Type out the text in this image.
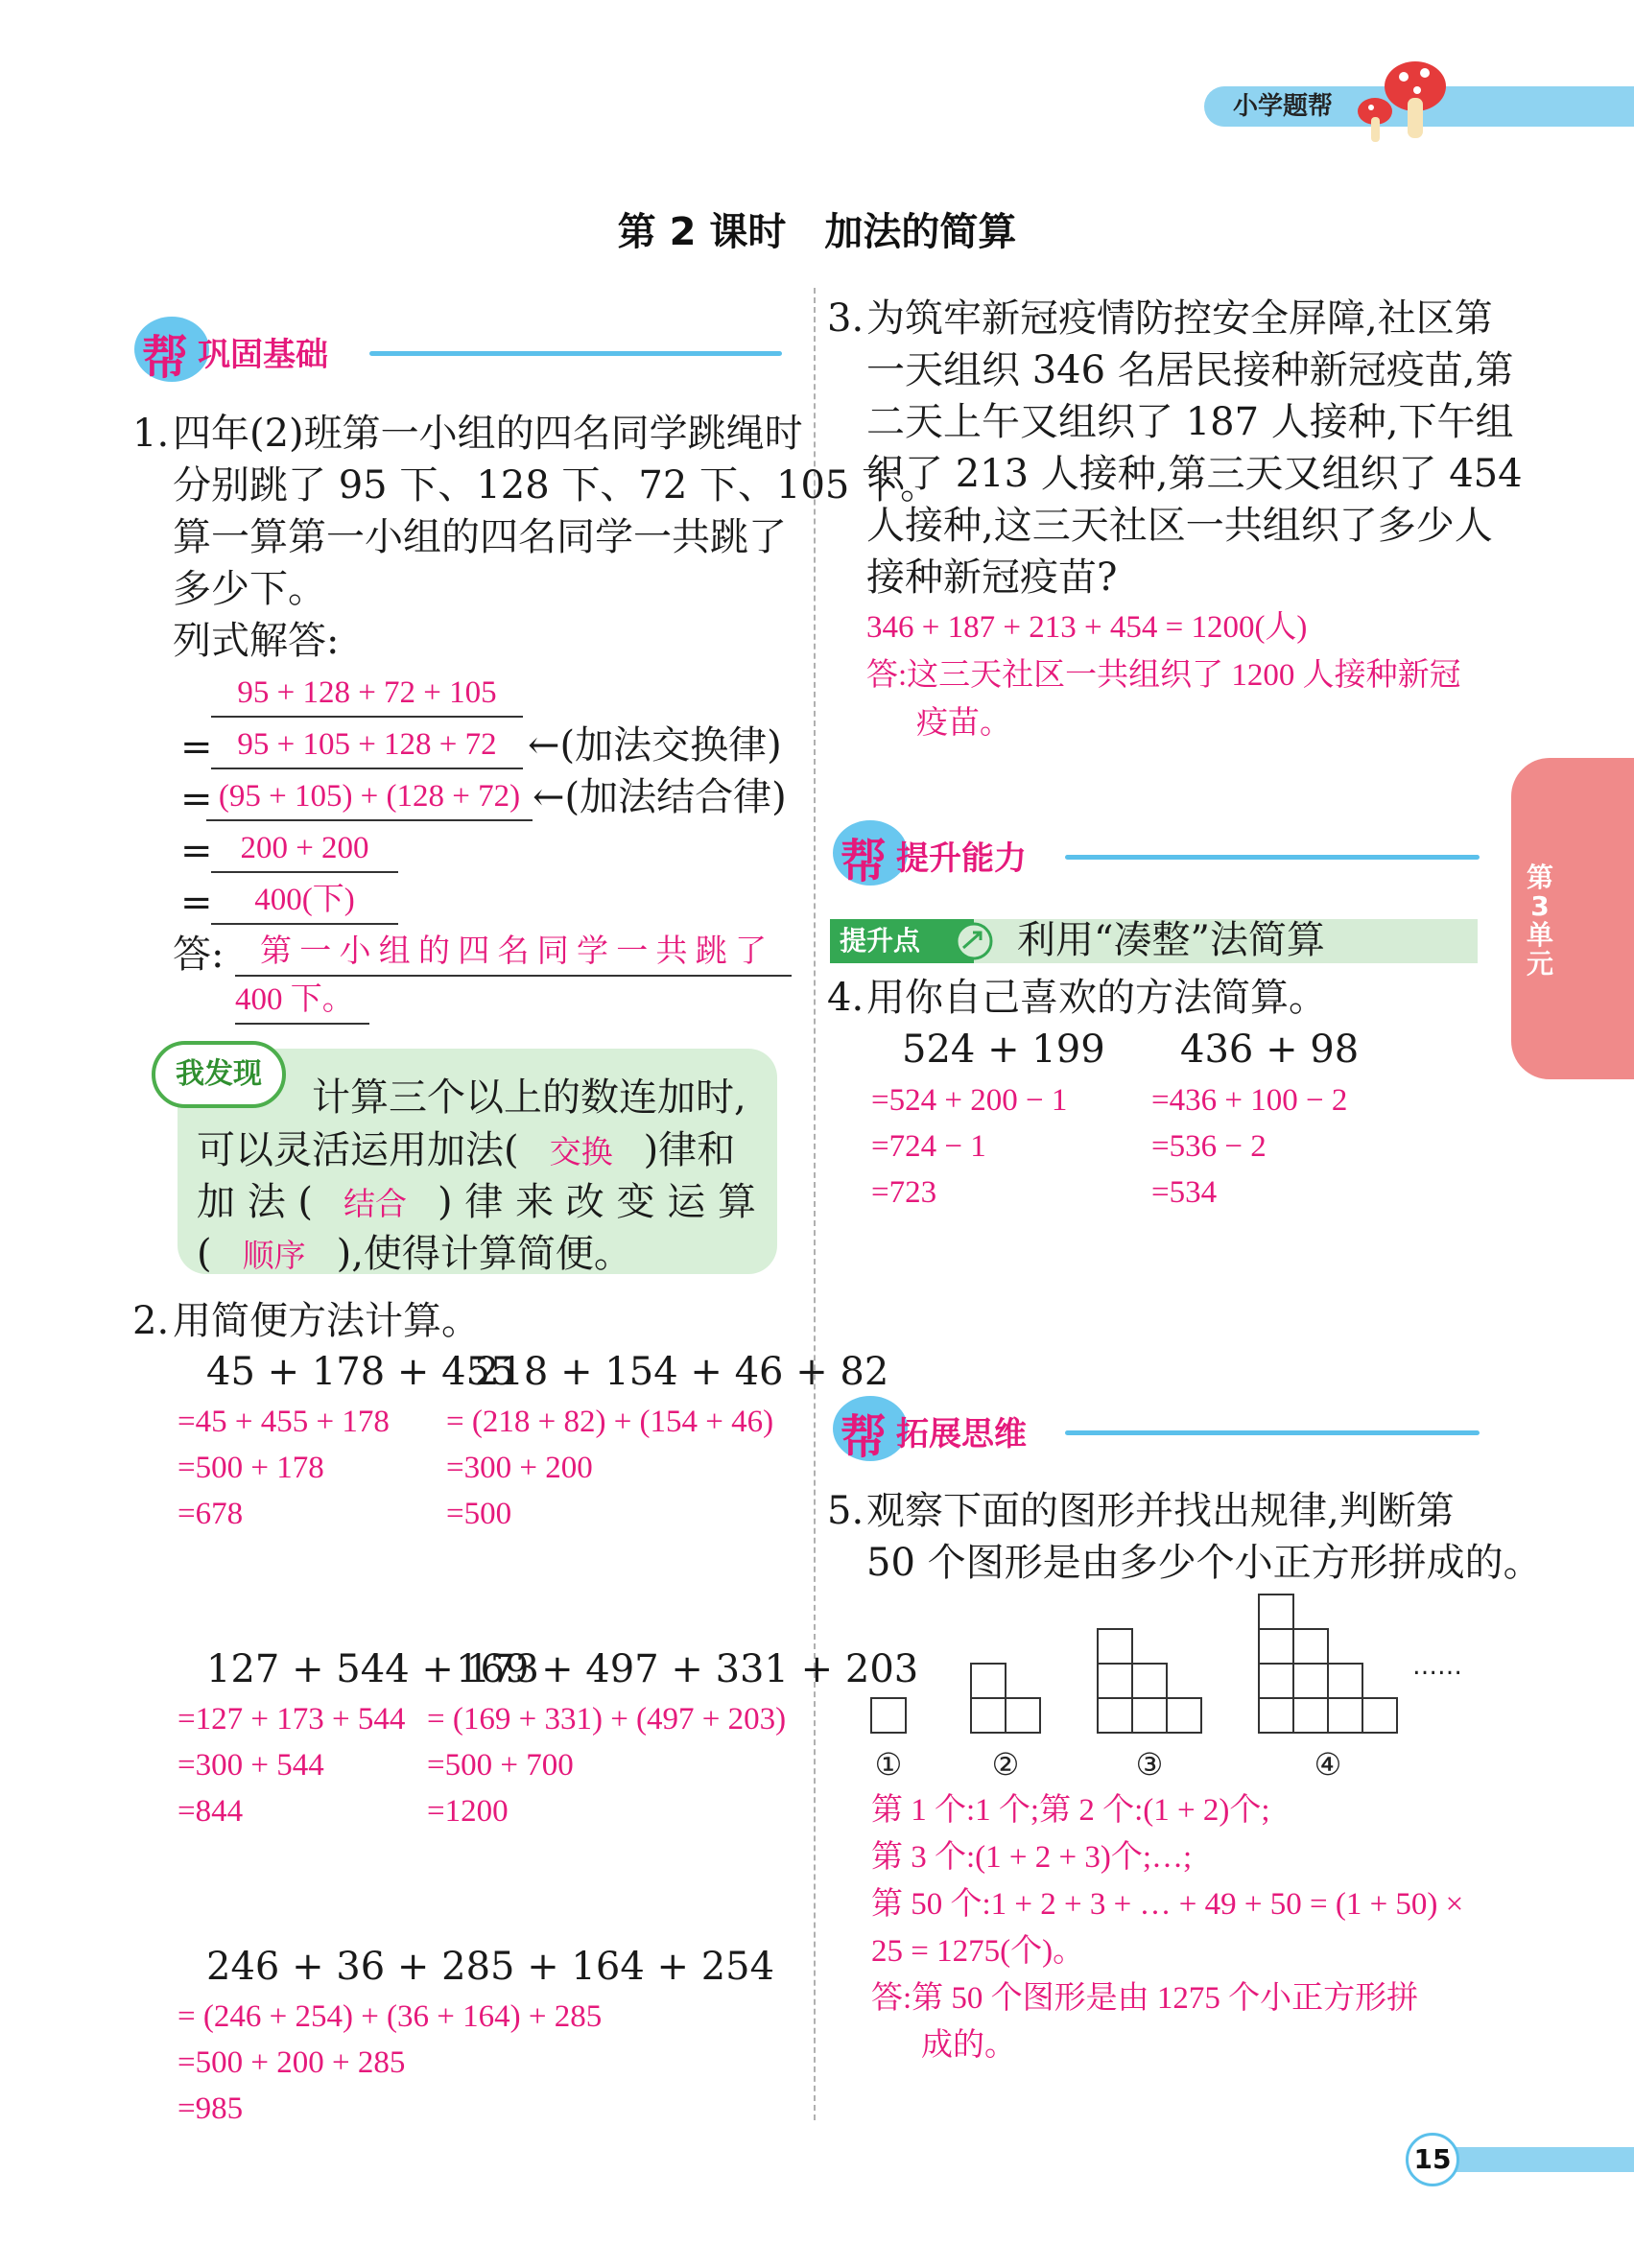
小学题帮
第 2 课时　加法的简算
帮 巩固基础
1. 四年(2)班第一小组的四名同学跳绳时
分别跳了 95 下、128 下、72 下、105 下。
算一算第一小组的四名同学一共跳了
多少下。
列式解答:
95 + 128 + 72 + 105
= 95 + 105 + 128 + 72 ←(加法交换律)
= (95 + 105) + (128 + 72) ←(加法结合律)
= 200 + 200
=	400(下)
答:	第 一 小 组 的 四 名 同 学 一 共 跳 了
400 下。
我发现
计算三个以上的数连加时,
可以灵活运用加法( 交换 )律和
加 法 ( 结合 ) 律 来 改 变 运 算
( 顺序 ),使得计算简便。
2. 用简便方法计算。
45 + 178 + 455
=45 + 455 + 178
=500 + 178
=678
218 + 154 + 46 + 82
= (218 + 82) + (154 + 46)
=300 + 200
=500
127 + 544 + 173
=127 + 173 + 544
=300 + 544
=844
169 + 497 + 331 + 203
= (169 + 331) + (497 + 203)
=500 + 700
=1200
246 + 36 + 285 + 164 + 254
= (246 + 254) + (36 + 164) + 285
=500 + 200 + 285
=985
3. 为筑牢新冠疫情防控安全屏障,社区第
一天组织 346 名居民接种新冠疫苗,第
二天上午又组织了 187 人接种,下午组
织了 213 人接种,第三天又组织了 454
人接种,这三天社区一共组织了多少人
接种新冠疫苗?
346 + 187 + 213 + 454 = 1200(人)
答:这三天社区一共组织了 1200 人接种新冠
疫苗。
帮 提升能力
提升点	利用“凑整”法简算
4. 用你自己喜欢的方法简算。
524 + 199
=524 + 200 − 1
=724 − 1
=723
436 + 98
=436 + 100 − 2
=536 − 2
=534
帮 拓展思维
5. 观察下面的图形并找出规律,判断第
50 个图形是由多少个小正方形拼成的。
……
①	②	③	④
第 1 个:1 个;第 2 个:(1 + 2)个;
第 3 个:(1 + 2 + 3)个;…;
第 50 个:1 + 2 + 3 + … + 49 + 50 = (1 + 50) ×
25 = 1275(个)。
答:第 50 个图形是由 1275 个小正方形拼
成的。
第3单元
15
